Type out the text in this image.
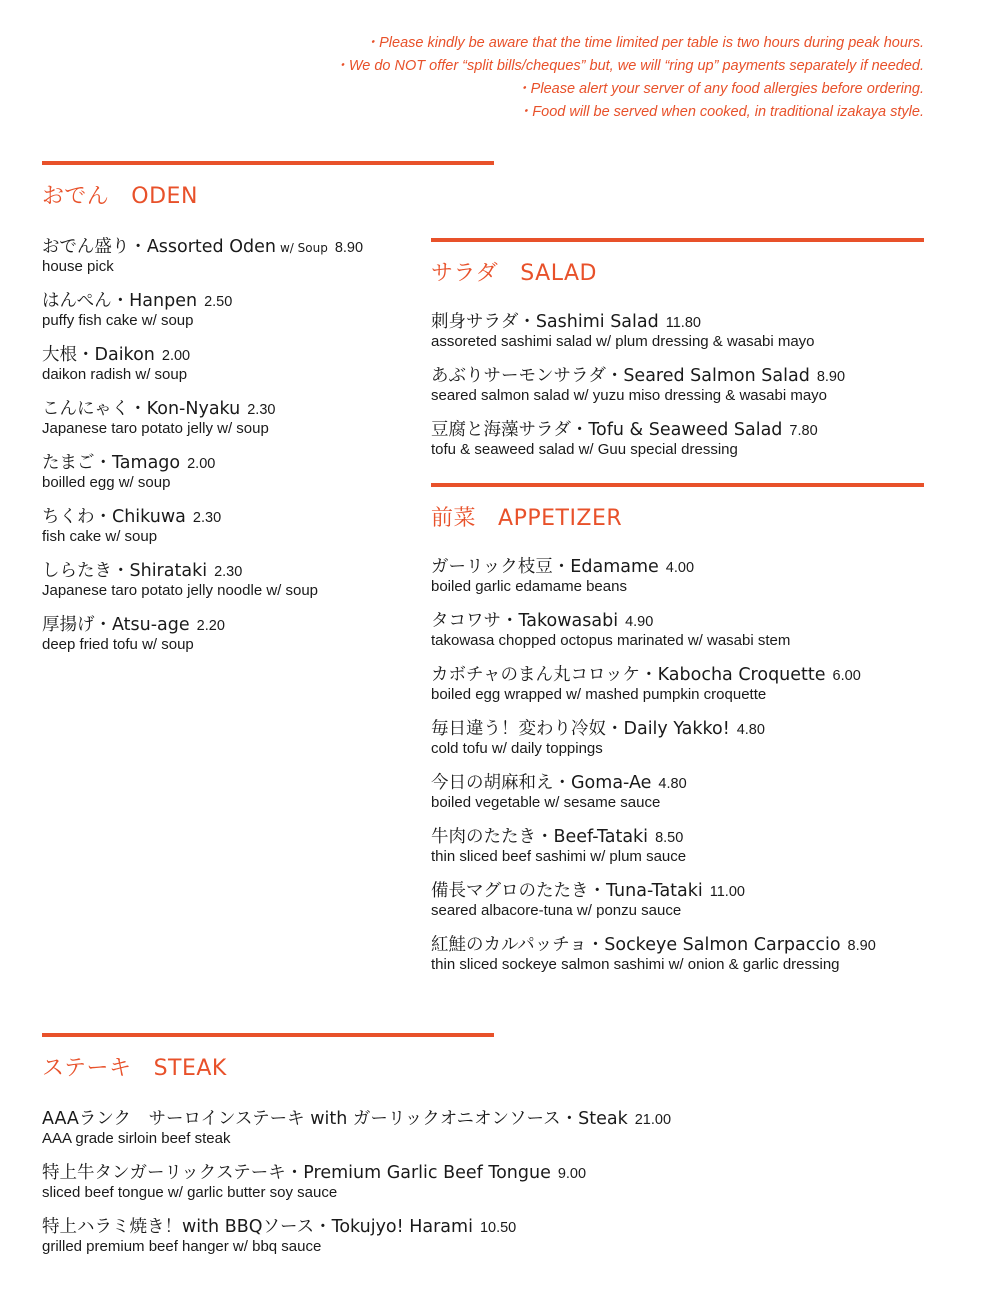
・Please kindly be aware that the time limited per table is two hours during peak hours.
・We do NOT offer “split bills/cheques” but, we will “ring up” payments separately if needed.
・Please alert your server of any food allergies before ordering.
・Food will be served when cooked, in traditional izakaya style.
おでん ODEN
おでん盛り・Assorted Oden w/ Soup 8.90
house pick
はんぺん・Hanpen 2.50
puffy fish cake w/ soup
大根・Daikon 2.00
daikon radish w/ soup
こんにゃく・Kon-Nyaku 2.30
Japanese taro potato jelly w/ soup
たまご・Tamago 2.00
boilled egg w/ soup
ちくわ・Chikuwa 2.30
fish cake w/ soup
しらたき・Shirataki 2.30
Japanese taro potato jelly noodle w/ soup
厚揚げ・Atsu-age 2.20
deep fried tofu w/ soup
サラダ SALAD
刺身サラダ・Sashimi Salad 11.80
assoreted sashimi salad w/ plum dressing & wasabi mayo
あぶりサーモンサラダ・Seared Salmon Salad 8.90
seared salmon salad w/ yuzu miso dressing & wasabi mayo
豆腐と海藻サラダ・Tofu & Seaweed Salad 7.80
tofu & seaweed salad w/ Guu special dressing
前菜 APPETIZER
ガーリック枝豆・Edamame 4.00
boiled garlic edamame beans
タコワサ・Takowasabi 4.90
takowasa chopped octopus marinated w/ wasabi stem
カボチャのまん丸コロッケ・Kabocha Croquette 6.00
boiled egg wrapped w/ mashed pumpkin croquette
毎日違う！変わり冷奴・Daily Yakko! 4.80
cold tofu w/ daily toppings
今日の胡麻和え・Goma-Ae 4.80
boiled vegetable w/ sesame sauce
牛肉のたたき・Beef-Tataki 8.50
thin sliced beef sashimi w/ plum sauce
備長マグロのたたき・Tuna-Tataki 11.00
seared albacore-tuna w/ ponzu sauce
紅鮭のカルパッチョ・Sockeye Salmon Carpaccio 8.90
thin sliced sockeye salmon sashimi w/ onion & garlic dressing
ステーキ STEAK
AAAランク　サーロインステーキ with ガーリックオニオンソース・Steak 21.00
AAA grade sirloin beef steak
特上牛タンガーリックステーキ・Premium Garlic Beef Tongue 9.00
sliced beef tongue w/ garlic butter soy sauce
特上ハラミ焼き！with BBQソース・Tokujyo! Harami 10.50
grilled premium beef hanger w/ bbq sauce
